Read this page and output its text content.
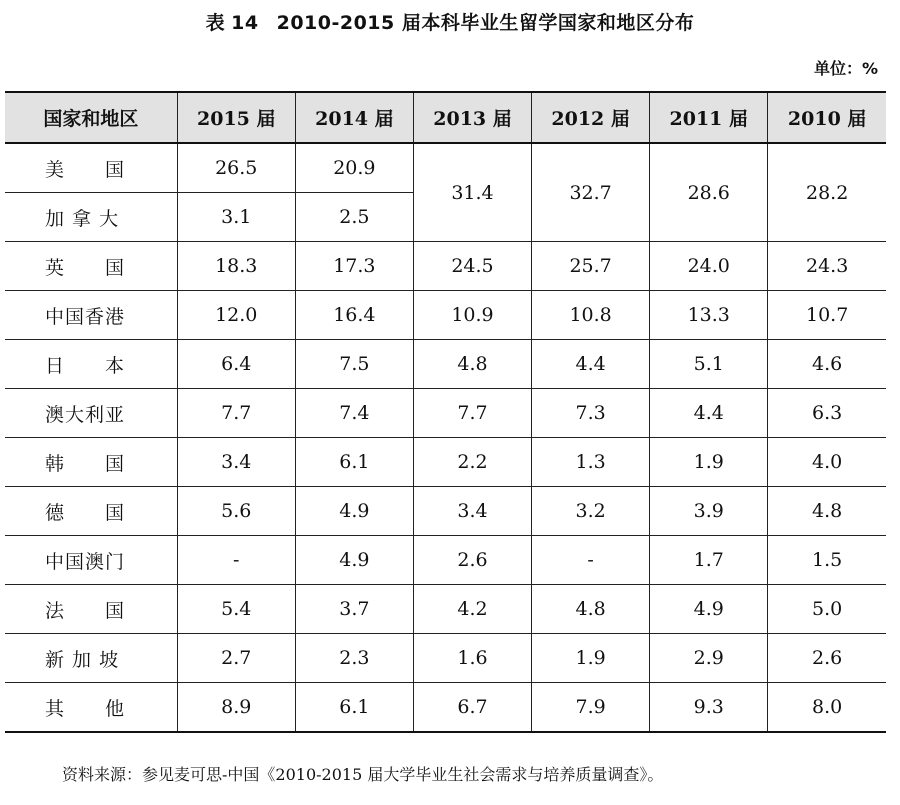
表 14 2010-2015 届本科毕业生留学国家和地区分布
单位：%
国家和地区	2015 届	2014 届	2013 届	2012 届	2011 届	2010 届
美　　国	26.5	20.9	31.4	32.7	28.6	28.2
加 拿 大	3.1	2.5				
英　　国	18.3	17.3	24.5	25.7	24.0	24.3
中国香港	12.0	16.4	10.9	10.8	13.3	10.7
日　　本	6.4	7.5	4.8	4.4	5.1	4.6
澳大利亚	7.7	7.4	7.7	7.3	4.4	6.3
韩　　国	3.4	6.1	2.2	1.3	1.9	4.0
德　　国	5.6	4.9	3.4	3.2	3.9	4.8
中国澳门	-	4.9	2.6	-	1.7	1.5
法　　国	5.4	3.7	4.2	4.8	4.9	5.0
新 加 坡	2.7	2.3	1.6	1.9	2.9	2.6
其　　他	8.9	6.1	6.7	7.9	9.3	8.0
资料来源：参见麦可思-中国《2010-2015 届大学毕业生社会需求与培养质量调查》。
